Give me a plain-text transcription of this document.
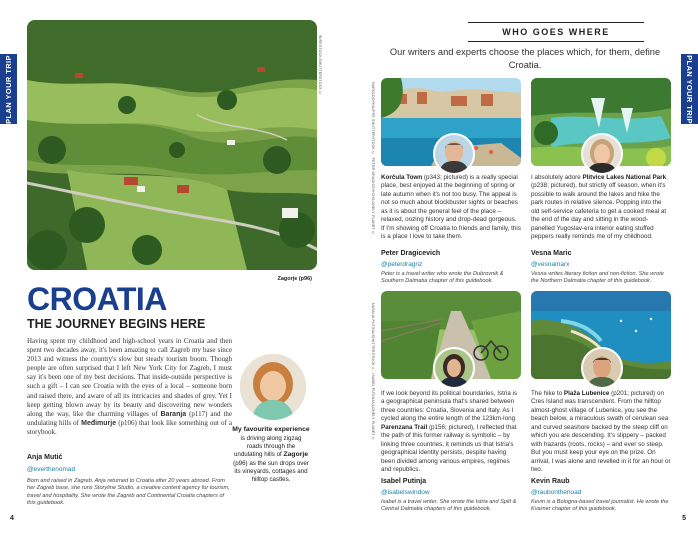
PLAN YOUR TRIP	PLAN YOUR TRIP
WIRESTOCK/SHUTTERSTOCK ©
Zagorje (p96)
CROATIA
THE JOURNEY BEGINS HERE

Having spent my childhood and high-school years in Croatia and then spent two decades away, it's been amazing to call Zagreb my base since 2013 and witness the country's slow but steady tourism boom. Though people are often surprised that I left New York City for Zagreb, I must say it's been one of my best decisions. That inside-outside perspective is such a gift – I can see Croatia with the eyes of a local – someone born and raised there, and aware of all its intricacies and shades of grey. Yet I keep getting blown away by its beauty and discovering new wonders along the way, like the charming villages of Baranja (p117) and the undulating hills of Međimurje (p106) that look like something out of a storybook.

Anja Mutić
@everthenomad

Born and raised in Zagreb, Anja returned to Croatia after 20 years abroad. From her Zagreb base, she runs Storyline Studio, a creative content agency for tourism, travel and hospitality. She wrote the Zagreb and Continental Croatia chapters of this guidebook.

My favourite experience is driving along zigzag roads through the undulating hills of Zagorje (p96) as the sun drops over its vineyards, cottages and hilltop castles.
4
WHO GOES WHERE
Our writers and experts choose the places which, for them, define Croatia.
HAROLDCPHILIPPE SHUTTERSTOCK ©, PETER DRAGICEVICH/LONELY PLANET © Korčula Town (p343; pictured) is a really special place, best enjoyed at the beginning of spring or late autumn when it's not too busy. The appeal is not so much about blockbuster sights or beaches as it is about the general feel of the place – relaxed, oozing history and drop-dead gorgeous. If I'm showing off Croatia to friends and family, this is a place I love to take them.

Peter Dragicevich
@peterdragnz

Peter is a travel writer who wrote the Dubrovnik & Southern Dalmatia chapter of this guidebook.

I absolutely adore Plitvice Lakes National Park (p238; pictured), but strictly off season, when it's possible to walk around the lakes and hike the park routes in relative silence. Popping into the old self-service cafeteria to get a cooked meal at the end of the day and sitting in the wood-panelled Yugoslav-era interior eating stuffed peppers really reminds me of my childhood.

Vesna Maric
@vesnamarx

Vesna writes literary fiction and non-fiction. She wrote the Northern Dalmatia chapter of this guidebook.

NATALIA PUTINA/SHUTTERSTOCK ©, ISABEL PUTINJA/LONELY PLANET © If we look beyond its political boundaries, Istria is a geographical peninsula that's shared between three countries: Croatia, Slovenia and Italy. As I cycled along the entire length of the 123km-long Parenzana Trail (p156; pictured), I reflected that the path of this former railway is symbolic – by linking three countries, it reminds us that Istria's geographical identity persists, despite having been divided among various empires, regimes and republics.

Isabel Putinja
@isabelswindow

Isabel is a travel writer. She wrote the Istria and Split & Central Dalmatia chapters of this guidebook.

The hike to Plaža Lubenice (p201; pictured) on Cres Island was transcendent. From the hilltop almost-ghost village of Lubenice, you see the beach below, a miraculous swath of cerulean sea and curved seashore backed by the steep cliff on which you are descending. It's slippery – packed with hazards (roots, rocks) – and ever so steep. But you must keep your eye on the prize. On arrival, I was alone and revelled in it for an hour or two.

Kevin Raub
@raubonthenoad

Kevin is a Bologna-based travel journalist. He wrote the Kvarner chapter of this guidebook.

5
